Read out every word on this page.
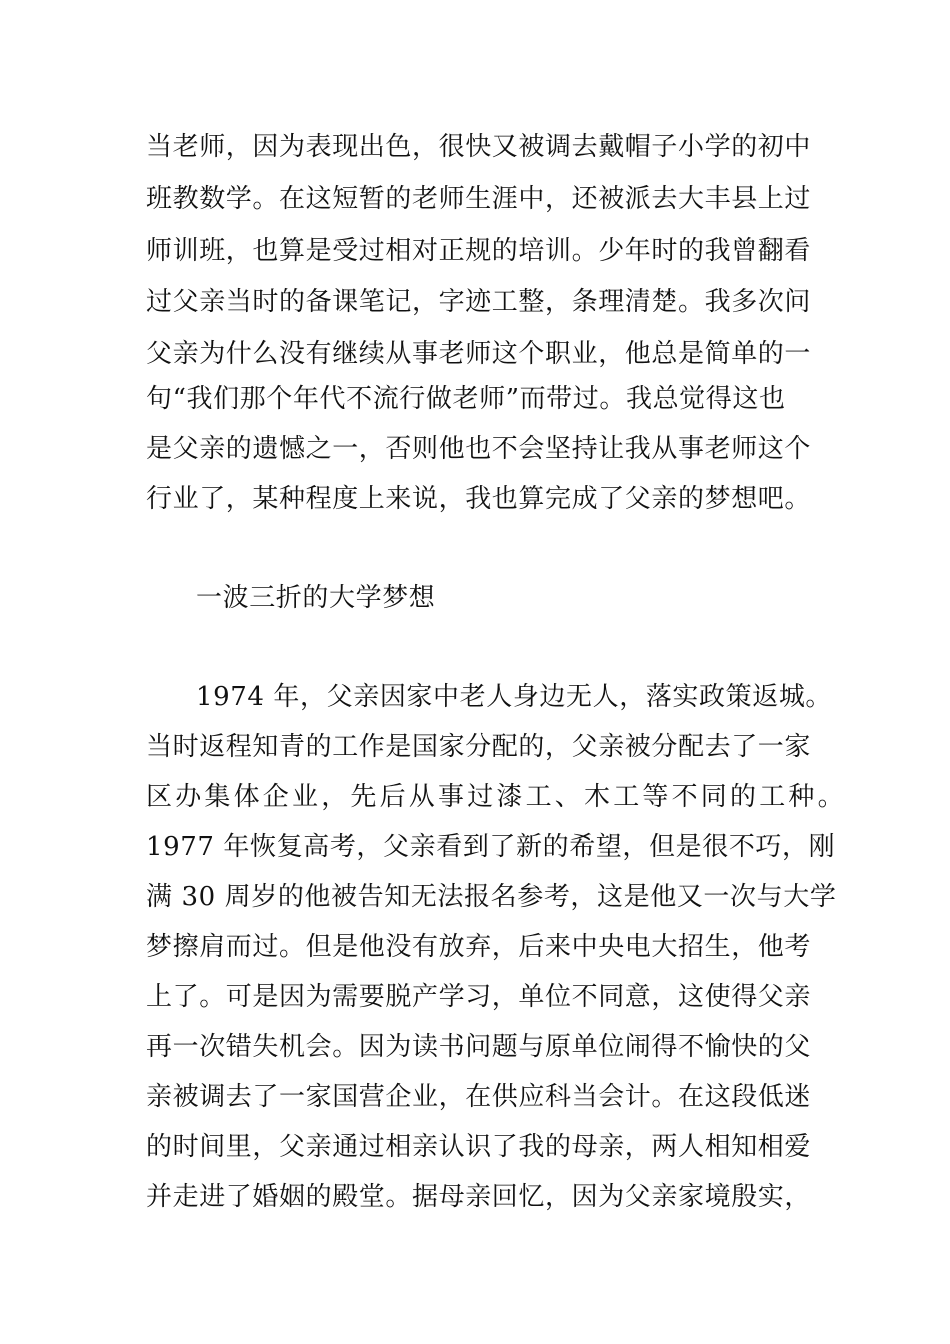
当老师，因为表现出色，很快又被调去戴帽子小学的初中
班教数学。在这短暂的老师生涯中，还被派去大丰县上过
师训班，也算是受过相对正规的培训。少年时的我曾翻看
过父亲当时的备课笔记，字迹工整，条理清楚。我多次问
父亲为什么没有继续从事老师这个职业，他总是简单的一
句“我们那个年代不流行做老师”而带过。我总觉得这也
是父亲的遗憾之一，否则他也不会坚持让我从事老师这个
行业了，某种程度上来说，我也算完成了父亲的梦想吧。
一波三折的大学梦想
1974 年，父亲因家中老人身边无人，落实政策返城。
当时返程知青的工作是国家分配的，父亲被分配去了一家
区办集体企业，先后从事过漆工、木工等不同的工种。
1977 年恢复高考，父亲看到了新的希望，但是很不巧，刚
满 30 周岁的他被告知无法报名参考，这是他又一次与大学
梦擦肩而过。但是他没有放弃，后来中央电大招生，他考
上了。可是因为需要脱产学习，单位不同意，这使得父亲
再一次错失机会。因为读书问题与原单位闹得不愉快的父
亲被调去了一家国营企业，在供应科当会计。在这段低迷
的时间里，父亲通过相亲认识了我的母亲，两人相知相爱
并走进了婚姻的殿堂。据母亲回忆，因为父亲家境殷实，
